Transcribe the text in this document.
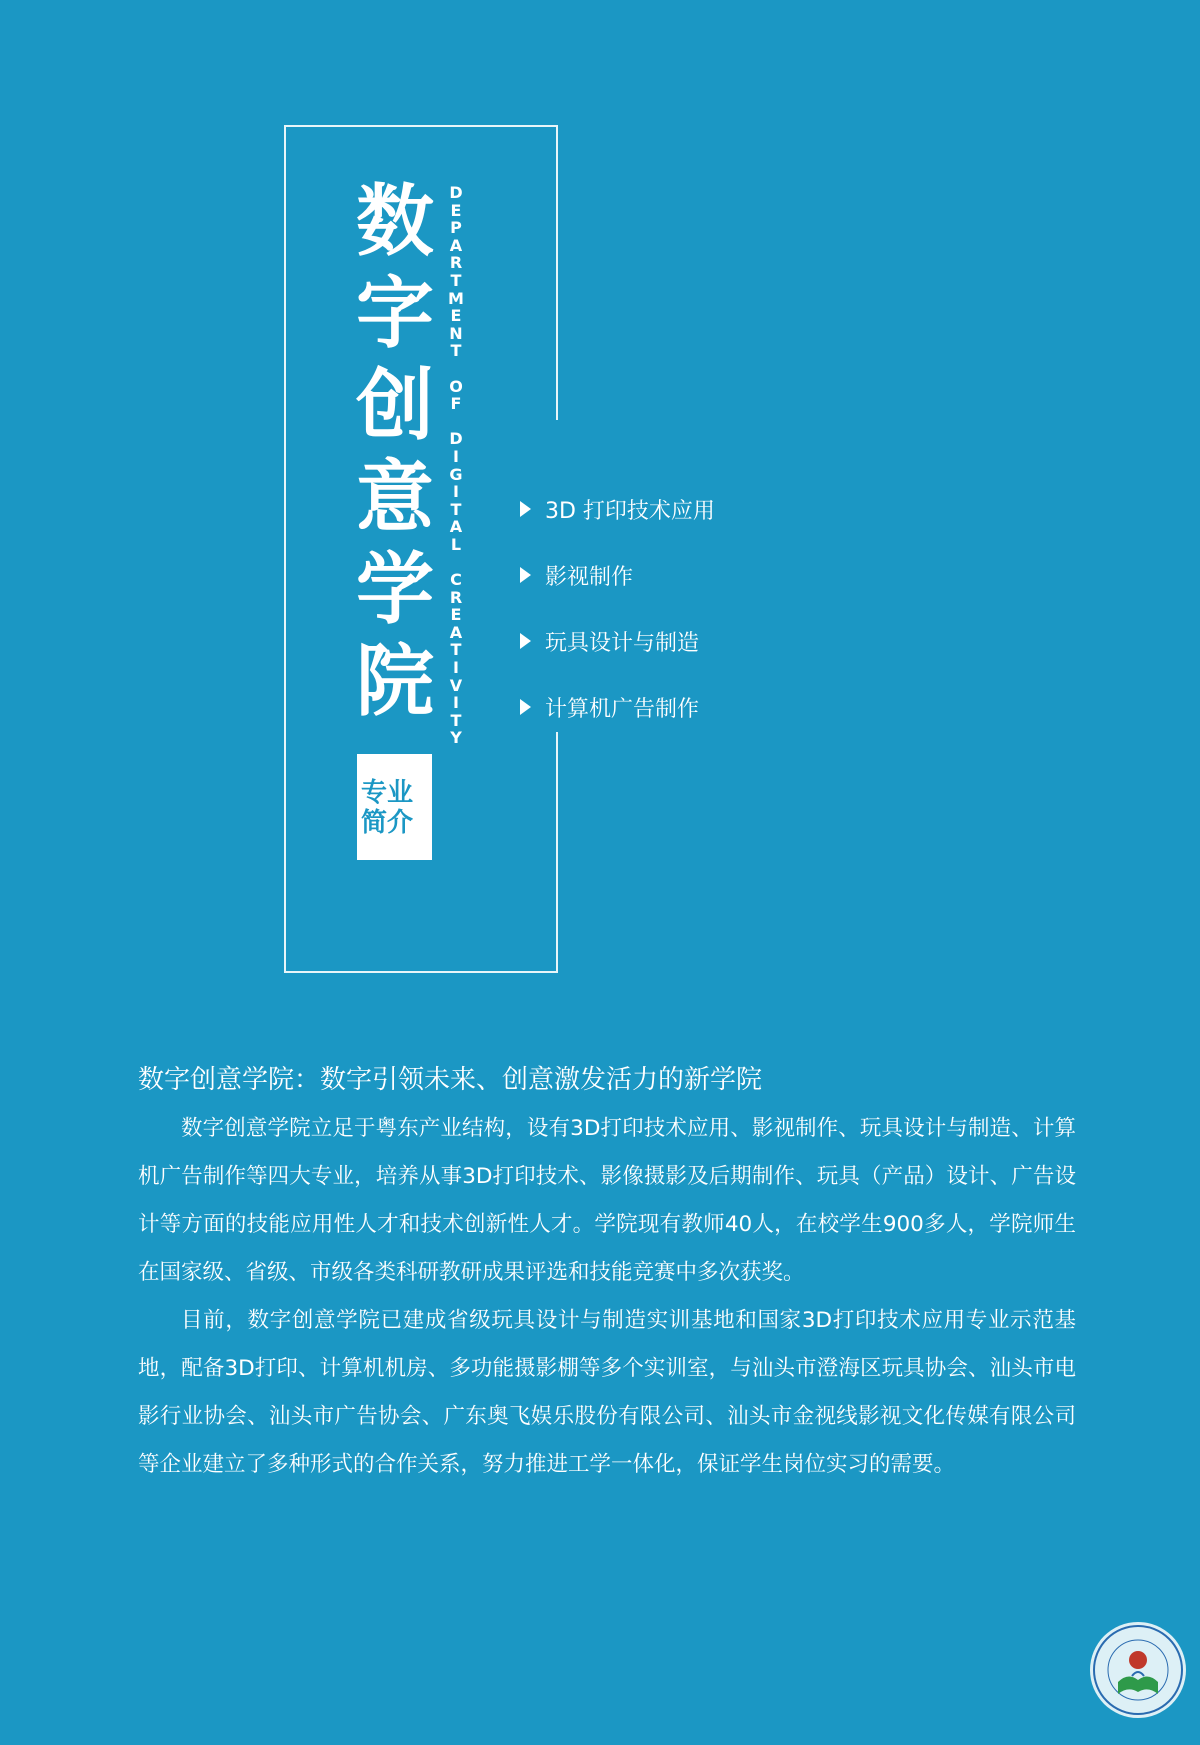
数
字
创
意
学
院
D
E
P
A
R
T
M
E
N
T
O
F
D
I
G
I
T
A
L
C
R
E
A
T
I
V
I
T
Y
专业
简介
3D 打印技术应用
影视制作
玩具设计与制造
计算机广告制作
数字创意学院：数字引领未来、创意激发活力的新学院

数字创意学院立足于粤东产业结构，设有3D打印技术应用、影视制作、玩具设计与制造、计算机广告制作等四大专业，培养从事3D打印技术、影像摄影及后期制作、玩具（产品）设计、广告设计等方面的技能应用性人才和技术创新性人才。学院现有教师40人，在校学生900多人，学院师生在国家级、省级、市级各类科研教研成果评选和技能竞赛中多次获奖。

目前，数字创意学院已建成省级玩具设计与制造实训基地和国家3D打印技术应用专业示范基地，配备3D打印、计算机机房、多功能摄影棚等多个实训室，与汕头市澄海区玩具协会、汕头市电影行业协会、汕头市广告协会、广东奥飞娱乐股份有限公司、汕头市金视线影视文化传媒有限公司等企业建立了多种形式的合作关系，努力推进工学一体化，保证学生岗位实习的需要。
